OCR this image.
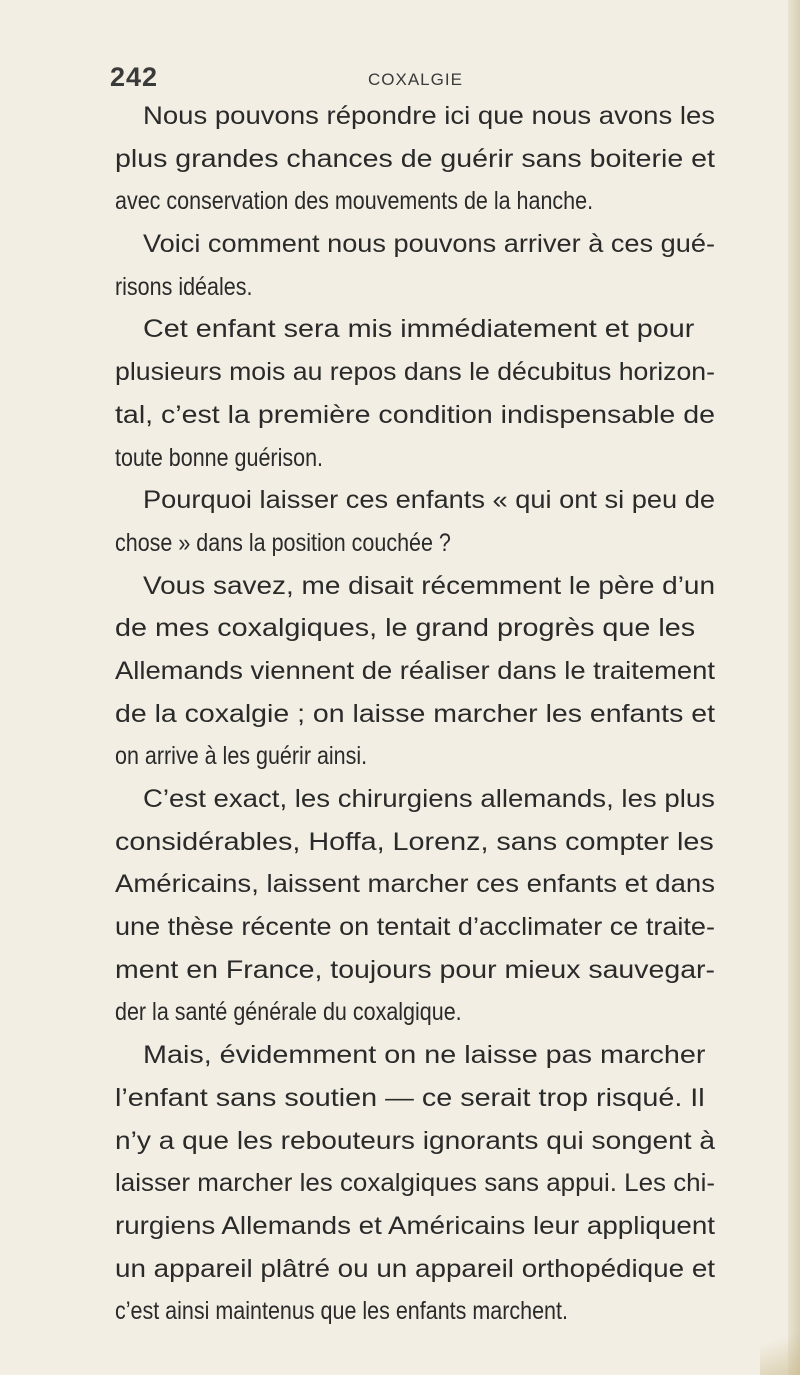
242	COXALGIE
Nous pouvons répondre ici que nous avons les
plus grandes chances de guérir sans boiterie et
avec conservation des mouvements de la hanche.
Voici comment nous pouvons arriver à ces gué-
risons idéales.
Cet enfant sera mis immédiatement et pour
plusieurs mois au repos dans le décubitus horizon-
tal, c’est la première condition indispensable de
toute bonne guérison.
Pourquoi laisser ces enfants « qui ont si peu de
chose » dans la position couchée ?
Vous savez, me disait récemment le père d’un
de mes coxalgiques, le grand progrès que les
Allemands viennent de réaliser dans le traitement
de la coxalgie ; on laisse marcher les enfants et
on arrive à les guérir ainsi.
C’est exact, les chirurgiens allemands, les plus
considérables, Hoffa, Lorenz, sans compter les
Américains, laissent marcher ces enfants et dans
une thèse récente on tentait d’acclimater ce traite-
ment en France, toujours pour mieux sauvegar-
der la santé générale du coxalgique.
Mais, évidemment on ne laisse pas marcher
l’enfant sans soutien — ce serait trop risqué. Il
n’y a que les rebouteurs ignorants qui songent à
laisser marcher les coxalgiques sans appui. Les chi-
rurgiens Allemands et Américains leur appliquent
un appareil plâtré ou un appareil orthopédique et
c’est ainsi maintenus que les enfants marchent.
